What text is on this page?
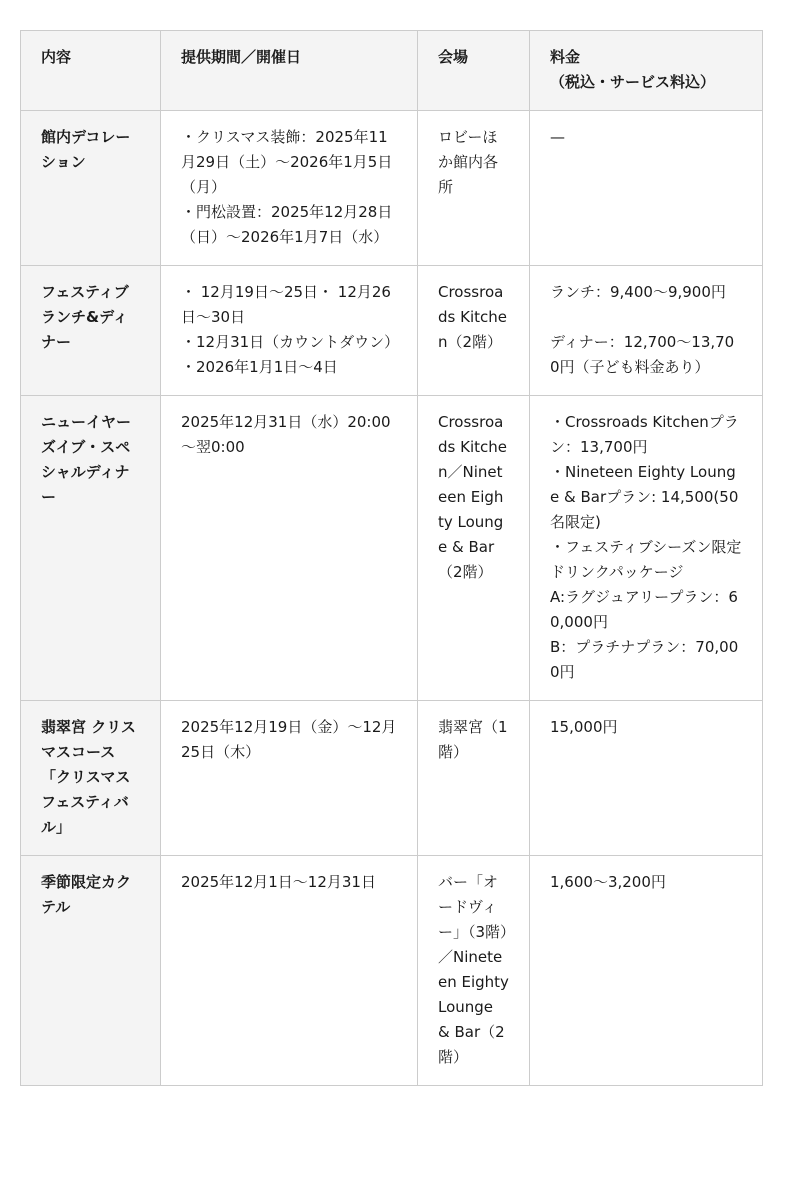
内容	提供期間／開催日	会場	料金
（税込・サービス料込）

館内デコレーション	・クリスマス装飾：2025年11月29日（土）～2026年1月5日（月）
・門松設置：2025年12月28日（日）～2026年1月7日（水）	ロビーほか館内各所	—

フェスティブランチ&ディナー	・ 12月19日～25日・ 12月26日～30日
・12月31日（カウントダウン）
・2026年1月1日～4日	Crossroads Kitchen（2階）	ランチ：9,400～9,900円
ディナー：12,700～13,700円（子ども料金あり）

ニューイヤーズイブ・スペシャルディナー	2025年12月31日（水）20:00～翌0:00	Crossroads Kitchen／Nineteen Eighty Lounge & Bar（2階）	・Crossroads Kitchenプラン：13,700円
・Nineteen Eighty Lounge & Barプラン: 14,500(50名限定)
・フェスティブシーズン限定ドリンクパッケージ
A:ラグジュアリープラン：60,000円
B：プラチナプラン：70,000円

翡翠宮 クリスマスコース「クリスマス フェスティバル」	2025年12月19日（金）～12月25日（木）	翡翠宮（1階）	15,000円

季節限定カクテル	2025年12月1日～12月31日	バー「オードヴィー」（3階）／Nineteen Eighty Lounge & Bar（2階）	1,600～3,200円
